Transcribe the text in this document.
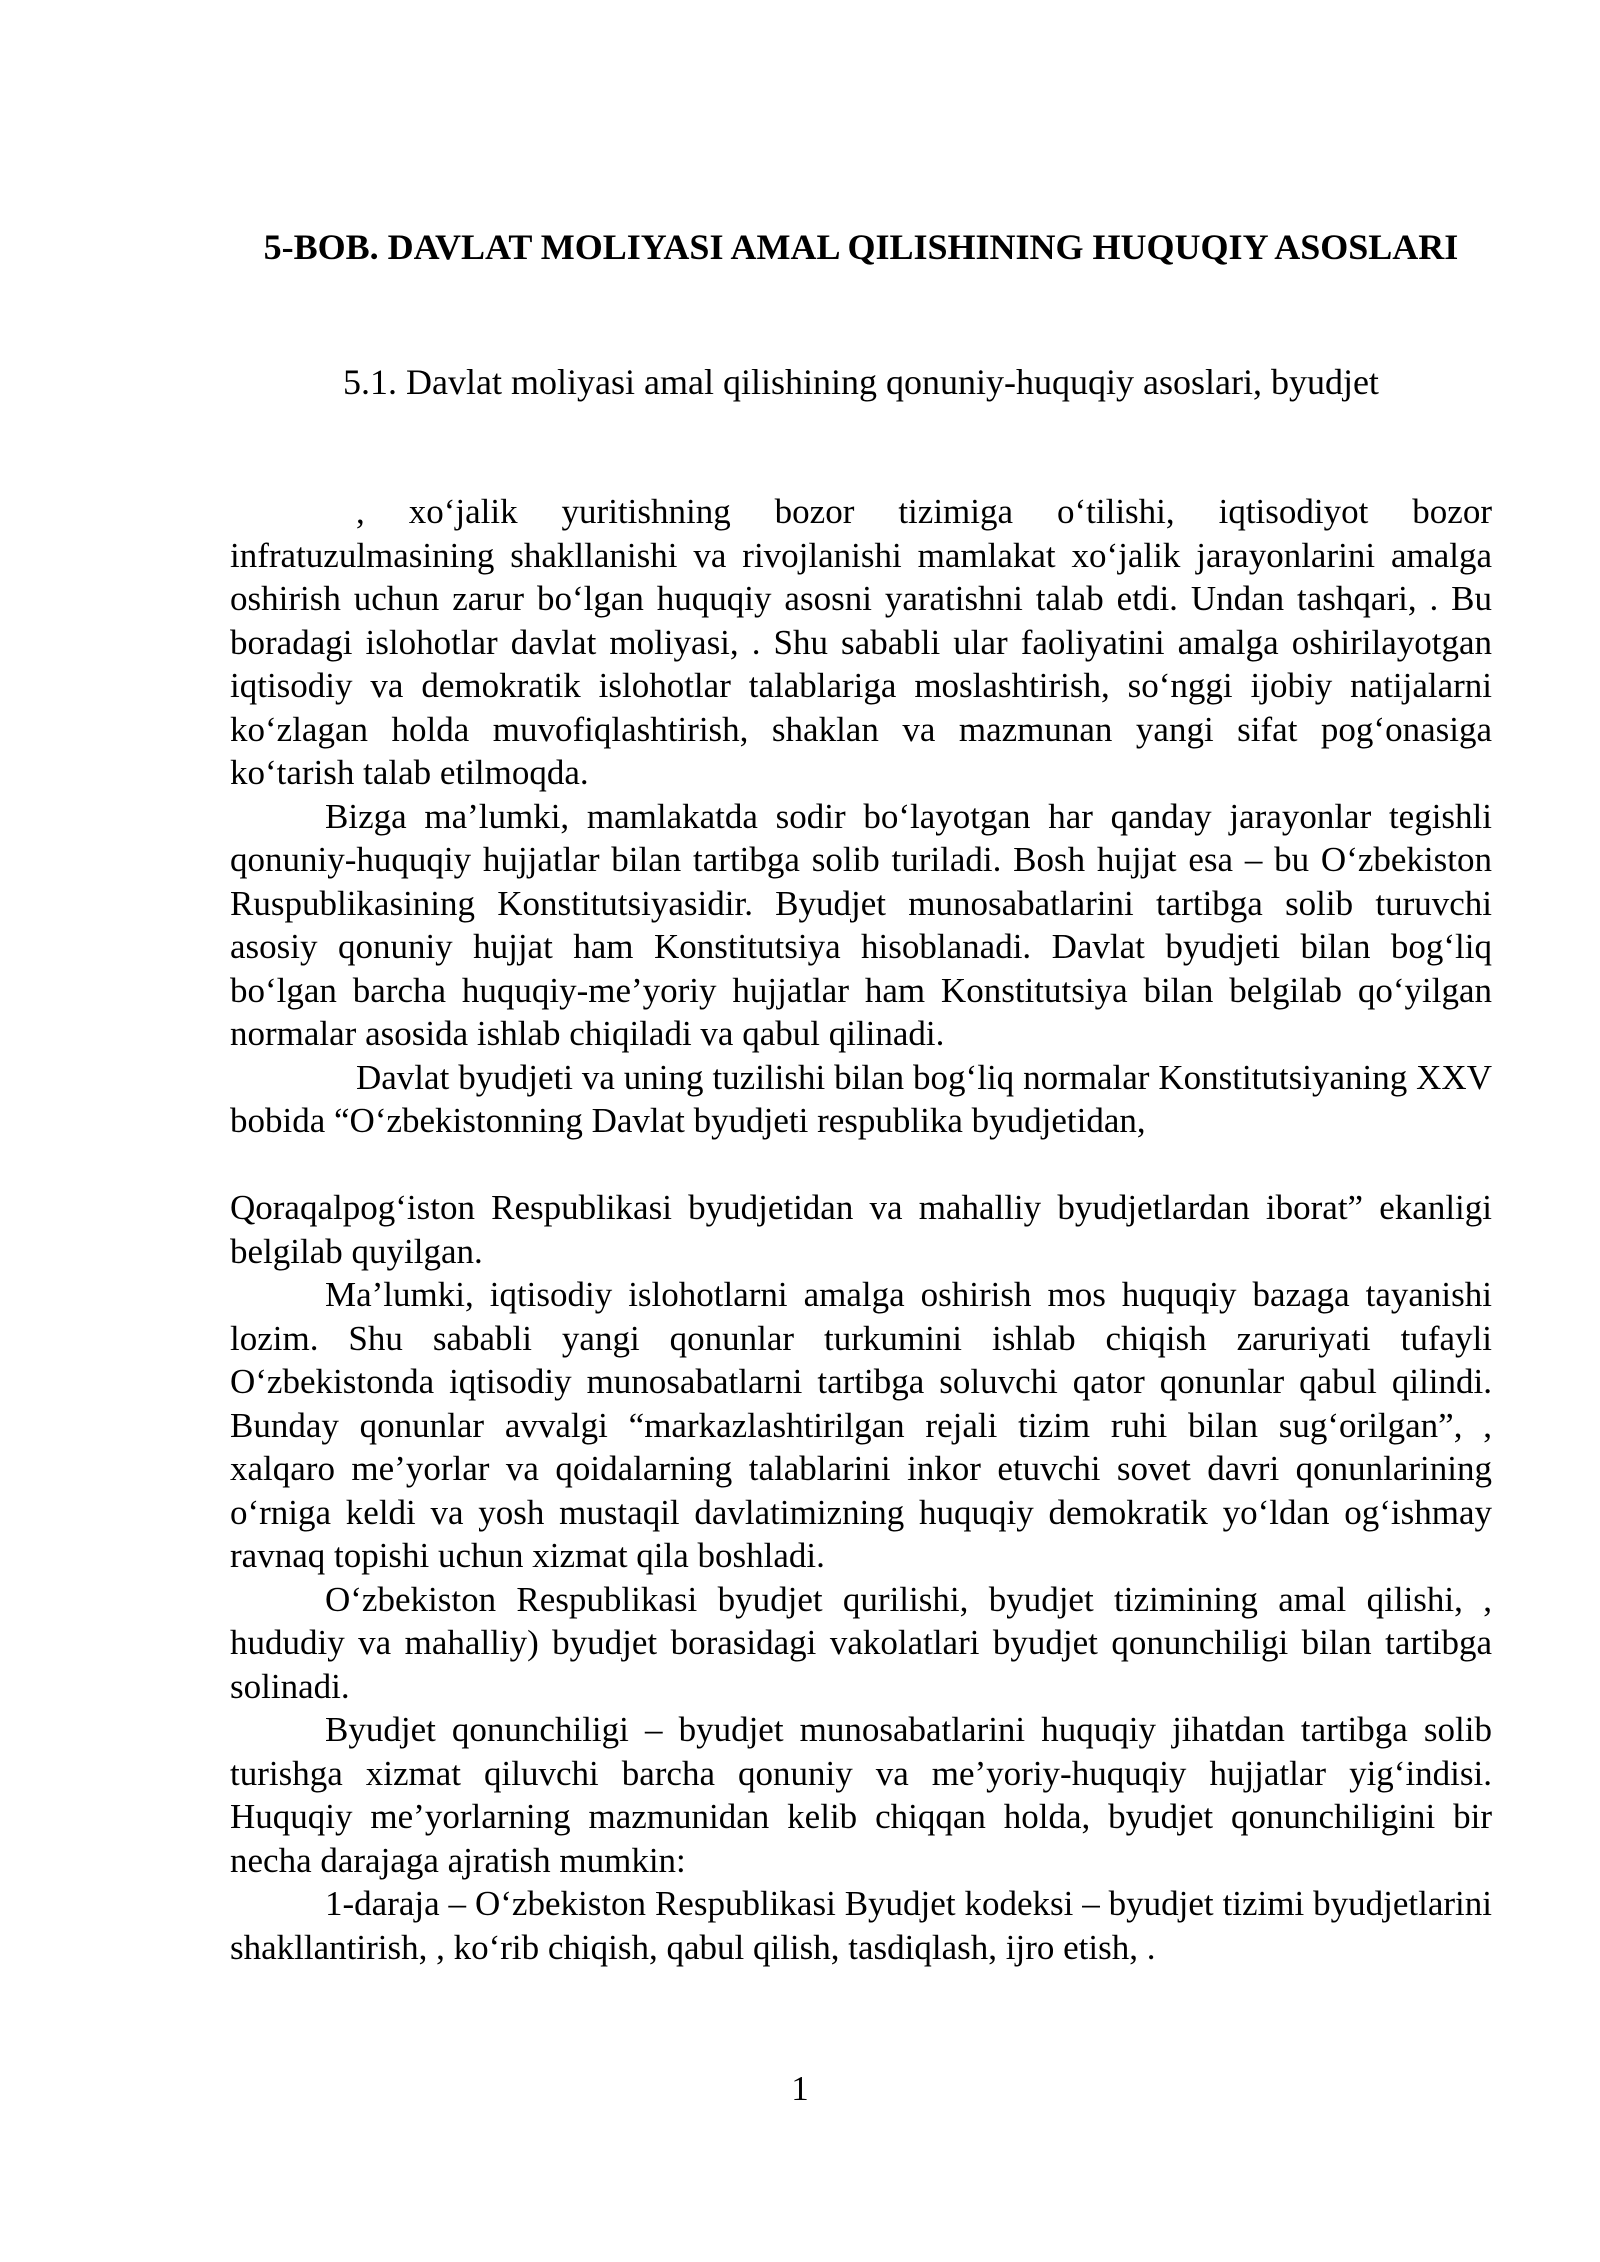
5-BOB. DAVLAT MOLIYASI AMAL QILISHINING HUQUQIY ASOSLARI

5.1. Davlat moliyasi amal qilishining qonuniy-huquqiy asoslari, byudjet

, xo‘jalik yuritishning bozor tizimiga o‘tilishi, iqtisodiyot bozor infratuzulmasining shakllanishi va rivojlanishi mamlakat xo‘jalik jarayonlarini amalga oshirish uchun zarur bo‘lgan huquqiy asosni yaratishni talab etdi. Undan tashqari, . Bu boradagi islohotlar davlat moliyasi, . Shu sababli ular faoliyatini amalga oshirilayotgan iqtisodiy va demokratik islohotlar talablariga moslashtirish, so‘nggi ijobiy natijalarni ko‘zlagan holda muvofiqlashtirish, shaklan va mazmunan yangi sifat pog‘onasiga ko‘tarish talab etilmoqda.

Bizga ma’lumki, mamlakatda sodir bo‘layotgan har qanday jarayonlar tegishli qonuniy-huquqiy hujjatlar bilan tartibga solib turiladi. Bosh hujjat esa – bu O‘zbekiston Ruspublikasining Konstitutsiyasidir. Byudjet munosabatlarini tartibga solib turuvchi asosiy qonuniy hujjat ham Konstitutsiya hisoblanadi. Davlat byudjeti bilan bog‘liq bo‘lgan barcha huquqiy-me’yoriy hujjatlar ham Konstitutsiya bilan belgilab qo‘yilgan normalar asosida ishlab chiqiladi va qabul qilinadi.

Davlat byudjeti va uning tuzilishi bilan bog‘liq normalar Konstitutsiyaning XXV bobida “O‘zbekistonning Davlat byudjeti respublika byudjetidan,

Qoraqalpog‘iston Respublikasi byudjetidan va mahalliy byudjetlardan iborat” ekanligi belgilab quyilgan.

Ma’lumki, iqtisodiy islohotlarni amalga oshirish mos huquqiy bazaga tayanishi lozim. Shu sababli yangi qonunlar turkumini ishlab chiqish zaruriyati tufayli O‘zbekistonda iqtisodiy munosabatlarni tartibga soluvchi qator qonunlar qabul qilindi. Bunday qonunlar avvalgi “markazlashtirilgan rejali tizim ruhi bilan sug‘orilgan”, , xalqaro me’yorlar va qoidalarning talablarini inkor etuvchi sovet davri qonunlarining o‘rniga keldi va yosh mustaqil davlatimizning huquqiy demokratik yo‘ldan og‘ishmay ravnaq topishi uchun xizmat qila boshladi.

O‘zbekiston Respublikasi byudjet qurilishi, byudjet tizimining amal qilishi, , hududiy va mahalliy) byudjet borasidagi vakolatlari byudjet qonunchiligi bilan tartibga solinadi.

Byudjet qonunchiligi – byudjet munosabatlarini huquqiy jihatdan tartibga solib turishga xizmat qiluvchi barcha qonuniy va me’yoriy-huquqiy hujjatlar yig‘indisi. Huquqiy me’yorlarning mazmunidan kelib chiqqan holda, byudjet qonunchiligini bir necha darajaga ajratish mumkin:

1-daraja – O‘zbekiston Respublikasi Byudjet kodeksi – byudjet tizimi byudjetlarini shakllantirish, , ko‘rib chiqish, qabul qilish, tasdiqlash, ijro etish, .

1
